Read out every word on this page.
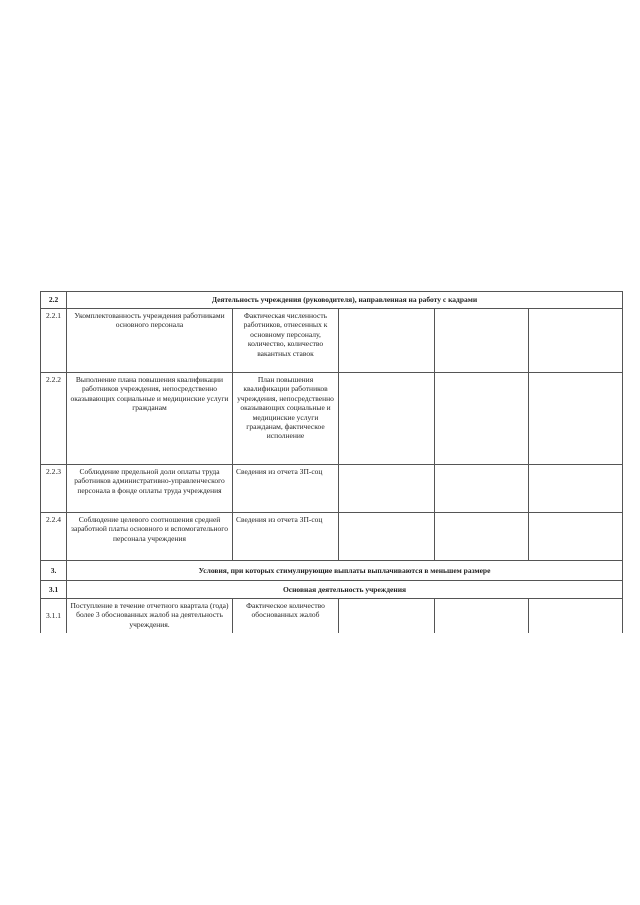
2.2	Деятельность учреждения (руководителя), направленная на работу с кадрами				
2.2.1	Укомплектованность учреждения работниками основного персонала	Фактическая численность работников, отнесенных к основному персоналу, количество, количество вакантных ставок			
2.2.2	Выполнение плана повышения квалификации работников учреждения, непосредственно оказывающих социальные и медицинские услуги гражданам	План повышения квалификации работников учреждения, непосредственно оказывающих социальные и медицинские услуги гражданам, фактическое исполнение			
2.2.3	Соблюдение предельной доли оплаты труда работников административно-управленческого персонала в фонде оплаты труда учреждения	Сведения из отчета ЗП-соц			
2.2.4	Соблюдение целевого соотношения средней заработной платы основного и вспомогательного персонала учреждения	Сведения из отчета ЗП-соц			
3.	Условия, при которых стимулирующие выплаты выплачиваются в меньшем размере				
3.1	Основная деятельность учреждения				
3.1.1	Поступление в течение отчетного квартала (года) более 3 обоснованных жалоб на деятельность учреждения.	Фактическое количество обоснованных жалоб			
